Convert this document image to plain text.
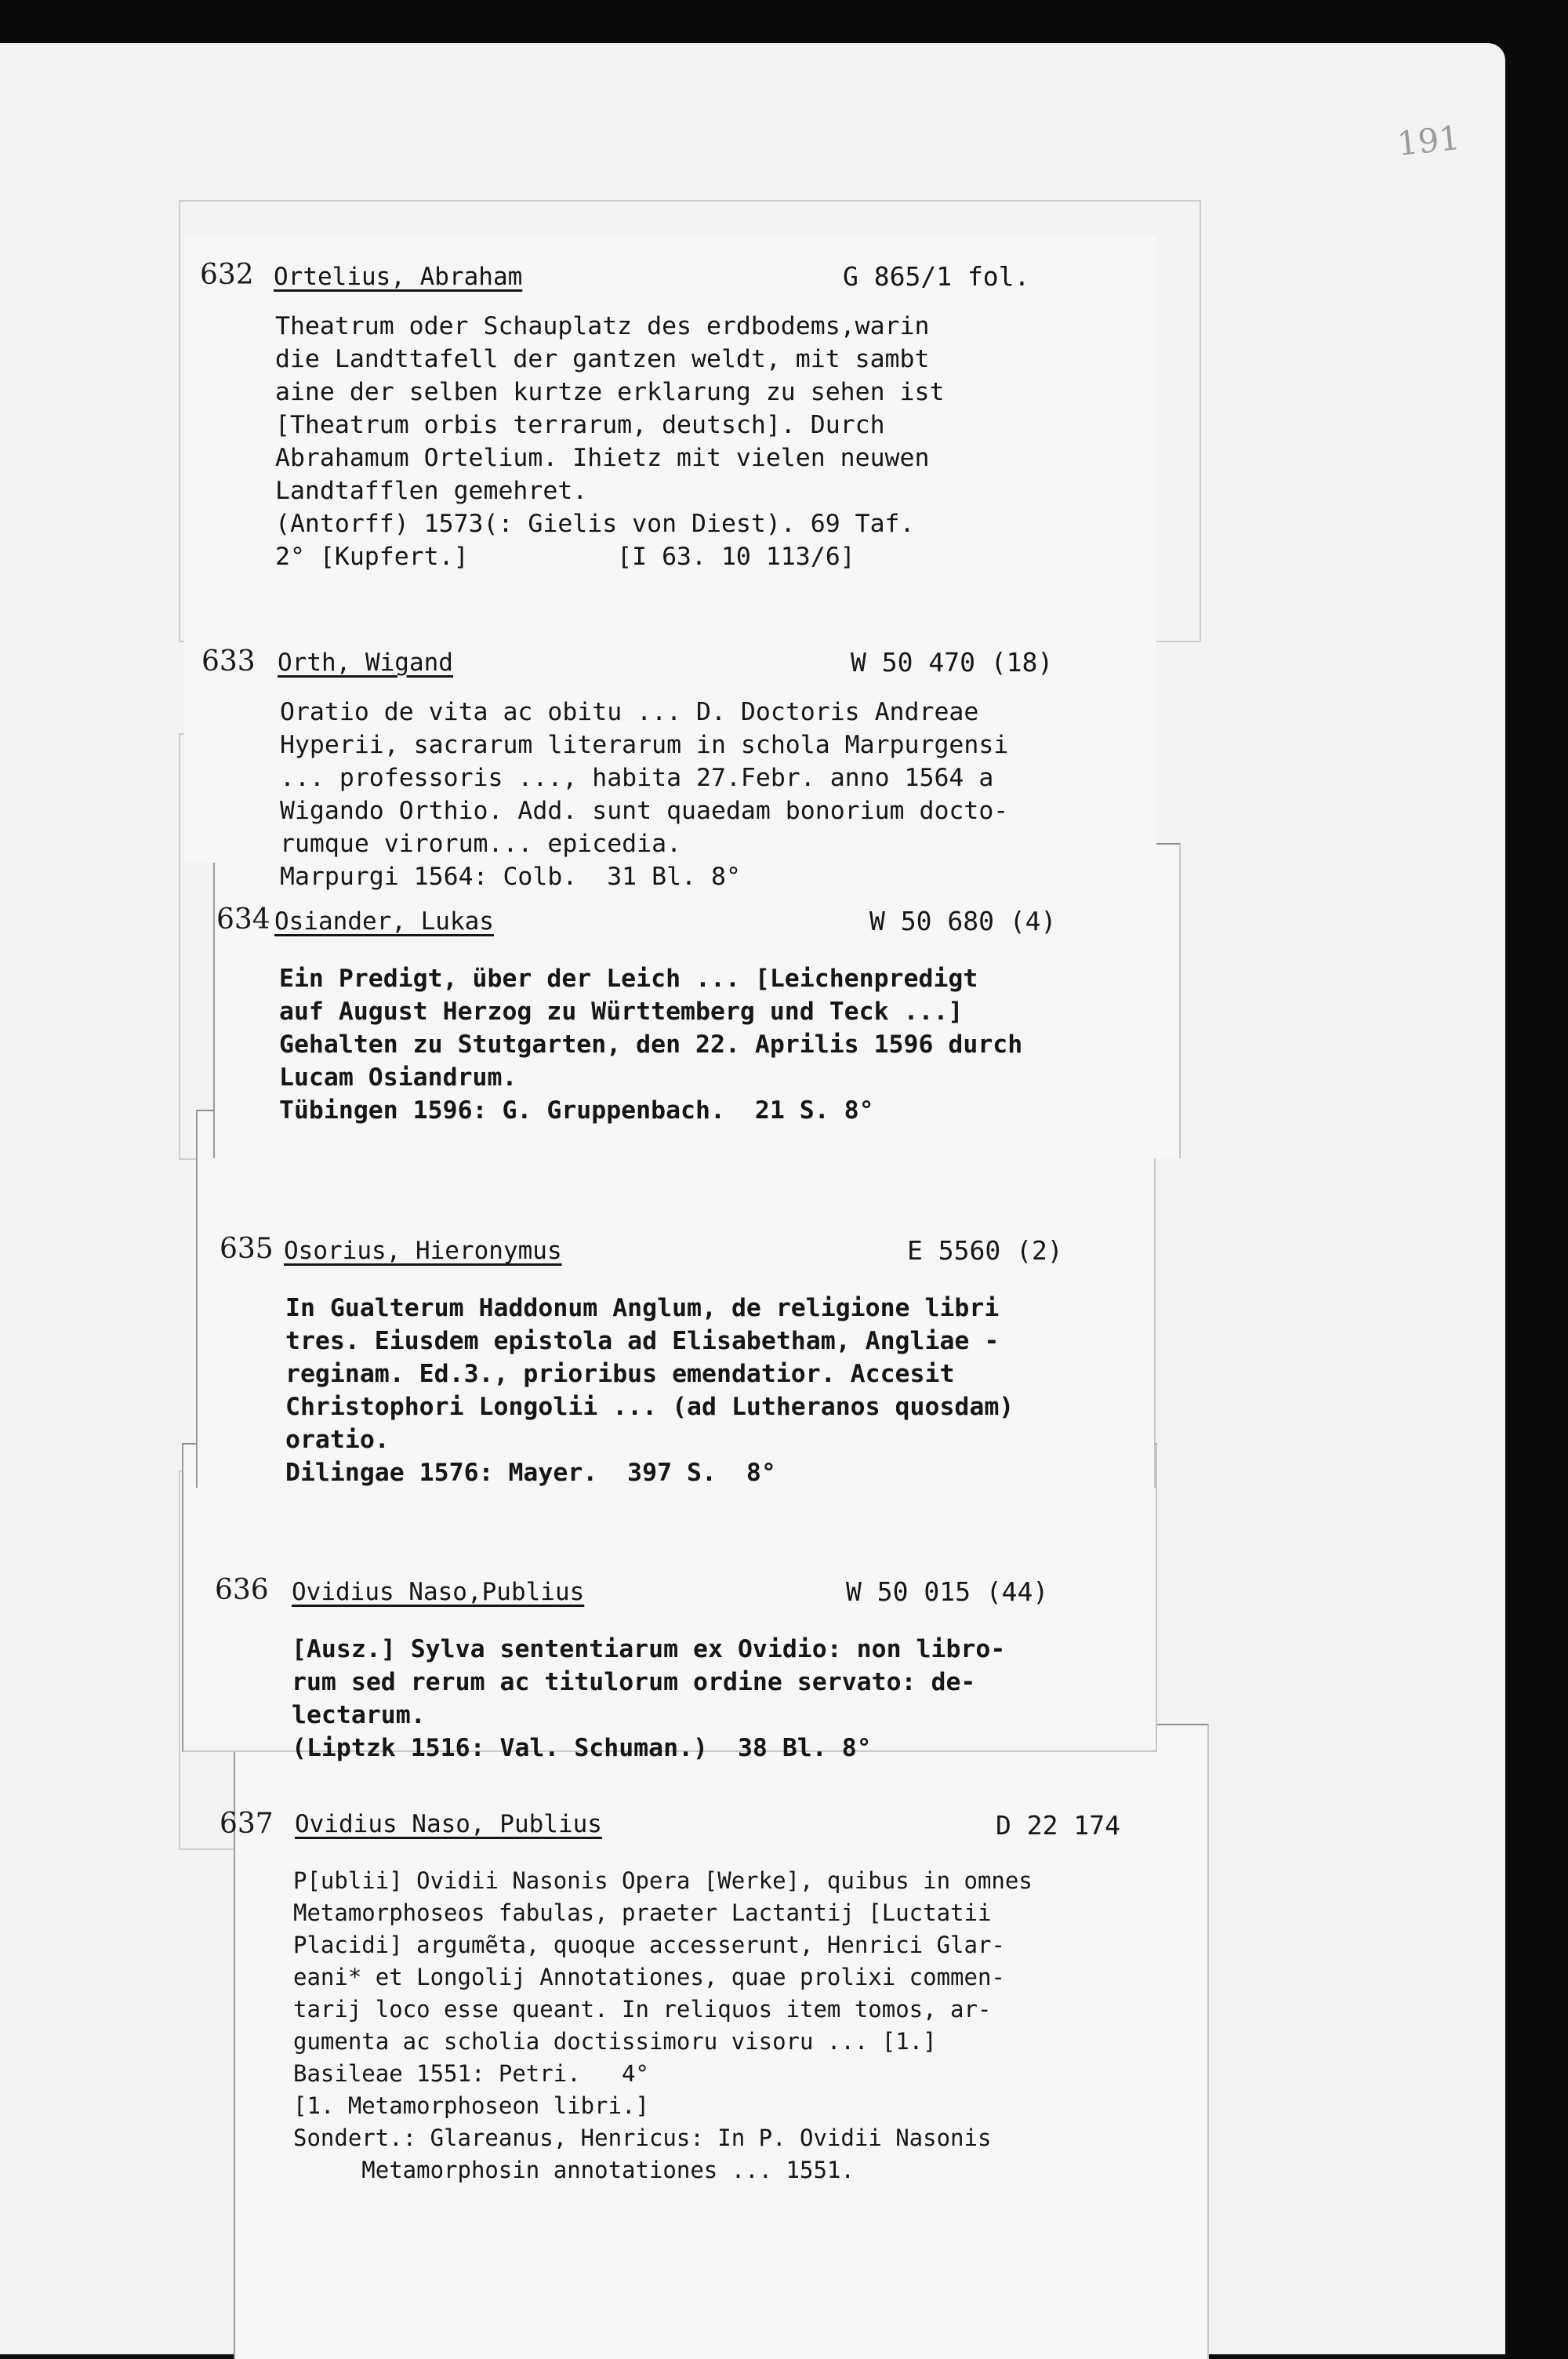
191
637 Ovidius Naso, Publius	D 22 174
P[ublii] Ovidii Nasonis Opera [Werke], quibus in omnes
Metamorphoseos fabulas, praeter Lactantij [Luctatii
Placidi] argumẽta, quoque accesserunt, Henrici Glar-
eani* et Longolij Annotationes, quae prolixi commen-
tarij loco esse queant. In reliquos item tomos, ar-
gumenta ac scholia doctissimoru visoru ... [1.]
Basileae 1551: Petri.   4°
[1. Metamorphoseon libri.]
Sondert.: Glareanus, Henricus: In P. Ovidii Nasonis
Metamorphosin annotationes ... 1551.
636 Ovidius Naso,Publius	W 50 015 (44)
[Ausz.] Sylva sententiarum ex Ovidio: non libro-
rum sed rerum ac titulorum ordine servato: de-
lectarum.
(Liptzk 1516: Val. Schuman.)  38 Bl. 8°
635 Osorius, Hieronymus	E 5560 (2)
In Gualterum Haddonum Anglum, de religione libri
tres. Eiusdem epistola ad Elisabetham, Angliae -
reginam. Ed.3., prioribus emendatior. Accesit
Christophori Longolii ... (ad Lutheranos quosdam)
oratio.
Dilingae 1576: Mayer.  397 S.  8°
634 Osiander, Lukas	W 50 680 (4)
Ein Predigt, über der Leich ... [Leichenpredigt
auf August Herzog zu Württemberg und Teck ...]
Gehalten zu Stutgarten, den 22. Aprilis 1596 durch
Lucam Osiandrum.
Tübingen 1596: G. Gruppenbach.  21 S. 8°
633 Orth, Wigand	W 50 470 (18)
Oratio de vita ac obitu ... D. Doctoris Andreae
Hyperii, sacrarum literarum in schola Marpurgensi
... professoris ..., habita 27.Febr. anno 1564 a
Wigando Orthio. Add. sunt quaedam bonorium docto-
rumque virorum... epicedia.
Marpurgi 1564: Colb.  31 Bl. 8°
632 Ortelius, Abraham	G 865/1 fol.
Theatrum oder Schauplatz des erdbodems,warin
die Landttafell der gantzen weldt, mit sambt
aine der selben kurtze erklarung zu sehen ist
[Theatrum orbis terrarum, deutsch]. Durch
Abrahamum Ortelium. Ihietz mit vielen neuwen
Landtafflen gemehret.
(Antorff) 1573(: Gielis von Diest). 69 Taf.
2° [Kupfert.]          [I 63. 10 113/6]
